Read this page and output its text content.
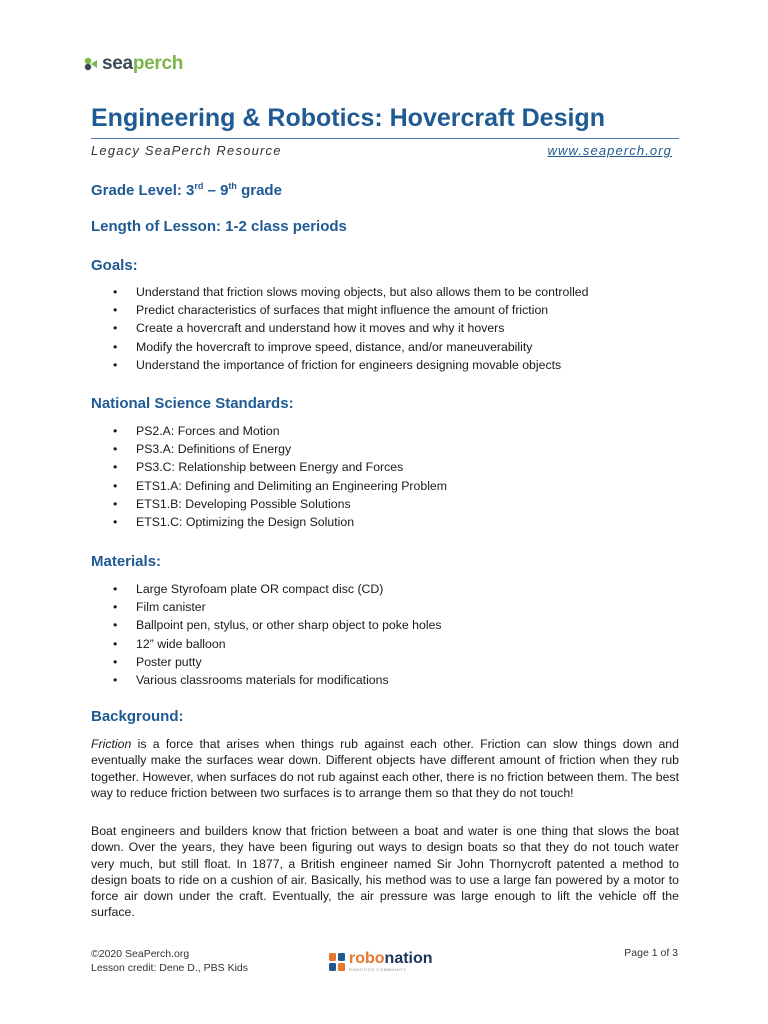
seaperch
Engineering & Robotics: Hovercraft Design
Legacy SeaPerch Resource	www.seaperch.org
Grade Level: 3rd – 9th grade
Length of Lesson: 1-2 class periods
Goals:
• Understand that friction slows moving objects, but also allows them to be controlled
• Predict characteristics of surfaces that might influence the amount of friction
• Create a hovercraft and understand how it moves and why it hovers
• Modify the hovercraft to improve speed, distance, and/or maneuverability
• Understand the importance of friction for engineers designing movable objects
National Science Standards:
• PS2.A: Forces and Motion
• PS3.A: Definitions of Energy
• PS3.C: Relationship between Energy and Forces
• ETS1.A: Defining and Delimiting an Engineering Problem
• ETS1.B: Developing Possible Solutions
• ETS1.C: Optimizing the Design Solution
Materials:
• Large Styrofoam plate OR compact disc (CD)
• Film canister
• Ballpoint pen, stylus, or other sharp object to poke holes
• 12” wide balloon
• Poster putty
• Various classrooms materials for modifications
Background:

Friction is a force that arises when things rub against each other. Friction can slow things down and eventually make the surfaces wear down. Different objects have different amount of friction when they rub together. However, when surfaces do not rub against each other, there is no friction between them. The best way to reduce friction between two surfaces is to arrange them so that they do not touch!

Boat engineers and builders know that friction between a boat and water is one thing that slows the boat down. Over the years, they have been figuring out ways to design boats so that they do not touch water very much, but still float. In 1877, a British engineer named Sir John Thornycroft patented a method to design boats to ride on a cushion of air. Basically, his method was to use a large fan powered by a motor to force air down under the craft. Eventually, the air pressure was large enough to lift the vehicle off the surface.

©2020 SeaPerch.org
Lesson credit: Dene D., PBS Kids
robonation
ROBOTICS COMMUNITY
Page 1 of 3
